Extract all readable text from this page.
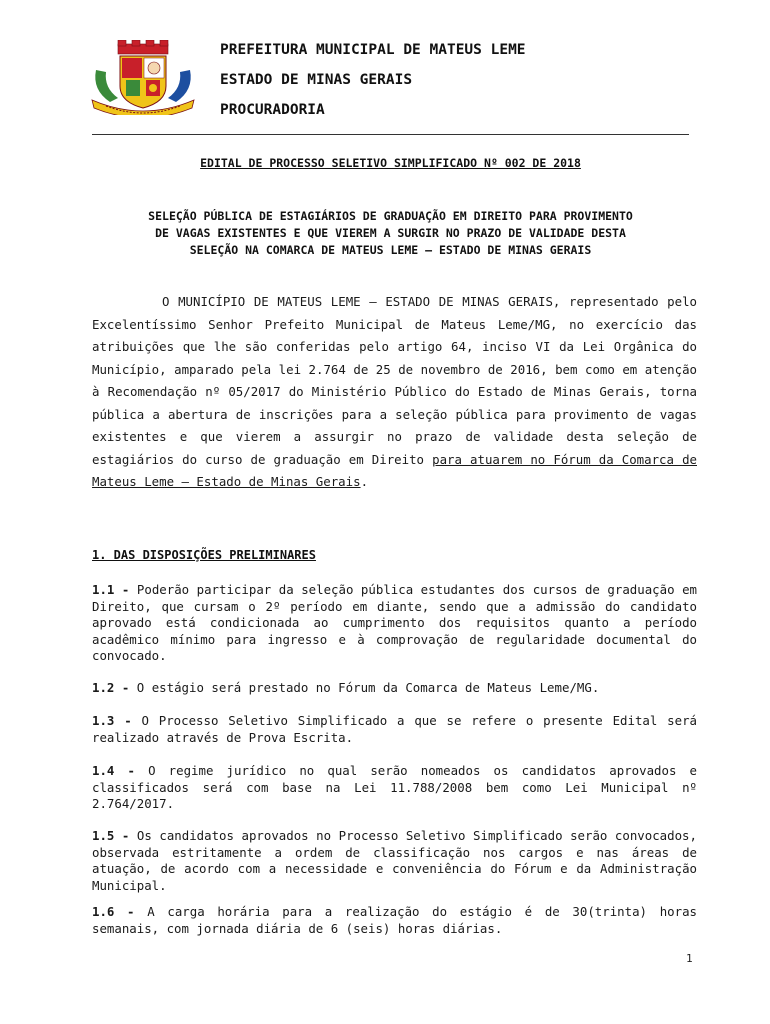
PREFEITURA MUNICIPAL DE MATEUS LEME
ESTADO DE MINAS GERAIS
PROCURADORIA
EDITAL DE PROCESSO SELETIVO SIMPLIFICADO Nº 002 DE 2018
SELEÇÃO PÚBLICA DE ESTAGIÁRIOS DE GRADUAÇÃO EM DIREITO PARA PROVIMENTO
DE VAGAS EXISTENTES E QUE VIEREM A SURGIR NO PRAZO DE VALIDADE DESTA
SELEÇÃO NA COMARCA DE MATEUS LEME – ESTADO DE MINAS GERAIS
O MUNICÍPIO DE MATEUS LEME – ESTADO DE MINAS GERAIS, representado pelo Excelentíssimo Senhor Prefeito Municipal de Mateus Leme/MG, no exercício das atribuições que lhe são conferidas pelo artigo 64, inciso VI da Lei Orgânica do Município, amparado pela lei 2.764 de 25 de novembro de 2016, bem como em atenção à Recomendação nº 05/2017 do Ministério Público do Estado de Minas Gerais, torna pública a abertura de inscrições para a seleção pública para provimento de vagas existentes e que vierem a assurgir no prazo de validade desta seleção de estagiários do curso de graduação em Direito para atuarem no Fórum da Comarca de Mateus Leme – Estado de Minas Gerais.
1. DAS DISPOSIÇÕES PRELIMINARES
1.1 - Poderão participar da seleção pública estudantes dos cursos de graduação em Direito, que cursam o 2º período em diante, sendo que a admissão do candidato aprovado está condicionada ao cumprimento dos requisitos quanto a período acadêmico mínimo para ingresso e à comprovação de regularidade documental do convocado.
1.2 - O estágio será prestado no Fórum da Comarca de Mateus Leme/MG.
1.3 - O Processo Seletivo Simplificado a que se refere o presente Edital será realizado através de Prova Escrita.
1.4 - O regime jurídico no qual serão nomeados os candidatos aprovados e classificados será com base na Lei 11.788/2008 bem como Lei Municipal nº 2.764/2017.
1.5 - Os candidatos aprovados no Processo Seletivo Simplificado serão convocados, observada estritamente a ordem de classificação nos cargos e nas áreas de atuação, de acordo com a necessidade e conveniência do Fórum e da Administração Municipal.
1.6 - A carga horária para a realização do estágio é de 30(trinta) horas semanais, com jornada diária de 6 (seis) horas diárias.
1
